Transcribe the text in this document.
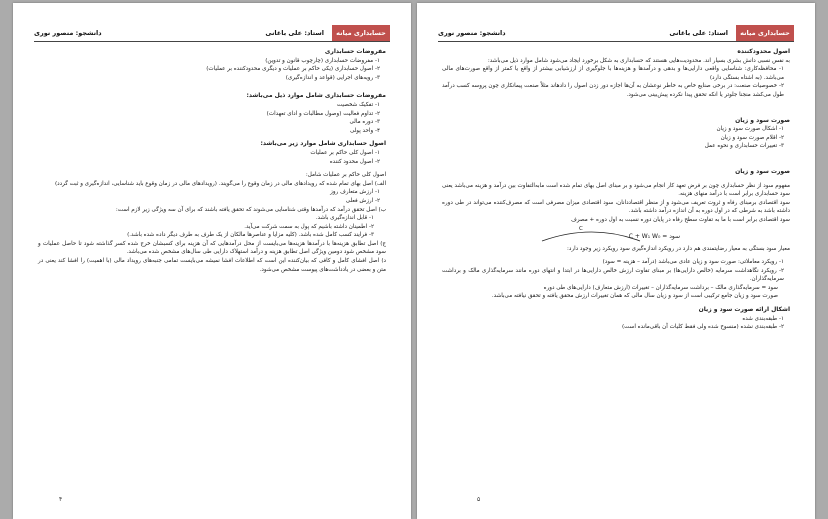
حسابداری میانه
استاد: علی باغانی
دانشجو: منصور نوری
مفروضات حسابداری
۱- مفروضات حسابداری (چارچوب قانون و تدوین)
۲- اصول حسابداری (یکی حاکم بر عملیات و دیگری محدودکننده بر عملیات)
۳- رویه‌های اجرایی (قواعد و اندازه‌گیری)
مفروضات حسابداری شامل موارد ذیل می‌باشد:
۱- تفکیک شخصیت
۲- تداوم فعالیت (وصول مطالبات و ادای تعهدات)
۳- دوره مالی
۴- واحد پولی
اصول حسابداری شامل موارد زیر می‌باشد:
۱- اصول کلی حاکم بر عملیات
۲- اصول محدود کننده
اصول کلی حاکم بر عملیات شامل:
الف) اصل بهای تمام شده که رویدادهای مالی در زمان وقوع را می‌گویند. (رویدادهای مالی در زمان وقوع باید شناسایی، اندازه‌گیری و ثبت گردد)
۱- ارزش متعارف روز
۲- ارزش فعلی
ب) اصل تحقق درآمد که درآمدها وقتی شناسایی می‌شوند که تحقق یافته باشند که برای آن سه ویژگی زیر لازم است:
۱- قابل اندازه‌گیری باشد.
۲- اطمینان داشته باشیم که پول به سمت شرکت می‌آید.
۳- فرایند کسب کامل شده باشد. (کلیه مزایا و عناصرها مالکان از یک طرف به طرف دیگر داده شده باشد.)
ج) اصل تطابق هزینه‌ها با درآمدها هزینه‌ها می‌بایست از محل درآمدهایی که آن هزینه برای کسبشان خرج شده کسر گذاشته شود تا حاصل عملیات و سود مشخص شود دومین ویژگی اصل تطابق هزینه و درآمد استهلاک دارایی طی سال‌های مشخص شده می‌باشد.
د) اصل افشای کامل و کافی که بیان‌کننده این است که اطلاعات افشا نمیشه می‌بایست تمامی جنبه‌های رویداد مالی (با اهمیت) را افشا کند یعنی در متن و بعضی در یادداشت‌های پیوست مشخص می‌شود.
۴
حسابداری میانه
استاد: علی باغانی
دانشجو: منصور نوری
اصول محدودکننده
به نفس نسبی دانش بشری بسیار اند. محدودیت‌هایی هستند که حسابداری به شکل برخورد ایجاد می‌شود شامل موارد ذیل می‌باشد:
۱- محافظه‌کاری: شناسایی واقعی دارایی‌ها و بدهی و درآمدها و هزینه‌ها با جلوگیری از ارزشیابی بیشتر از واقع یا کمتر از واقع صورت‌های مالی می‌باشد. (به اشتاه بستگی دارد)
۲- خصوصیات صنعت: در برخی صنایع خاص به خاطر نوعشان به آن‌ها اجازه دور زدن اصول را دادهاند مثلاً صنعت پیمانکاری چون پروسه کسب درآمد طول می‌کشد منجنا جلوتر یا انکه تحقق پیدا نکرده پیش‌بینی می‌شود.
صورت سود و زیان
۱- اشکال صورت سود و زیان
۲- اقلام صورت سود و زیان
۳- تغییرات حسابداری و نحوه عمل
صورت سود و زیان
مفهوم سود از نظر حسابداری چون بر فرض تعهد کار انجام می‌شود و بر مبنای اصل بهای تمام شده است مابه‌التفاوت بین درآمد و هزینه می‌باشد یعنی سود حسابداری برابر است با درآمد منهای هزینه.
سود اقتصادی برمبنای رفاه و ثروت تعریف می‌شود و از منظر اقتصاددانان، سود اقتصادی میزان مصرفی است که مصرف‌کننده می‌تواند در طی دوره داشته باشد به شرطی که در اول دوره به آن اندازه درآمد داشته باشد.
سود اقتصادی برابر است با ما به تفاوت سطح رفاه در پایان دوره نسبت به اول دوره + مصرف
C
سود = C + W₁ W₀
معیار سود بستگی به معیار رضایتمندی هم دارد در رویکرد اندازه‌گیری سود رویکرد زیر وجود دارد:
۱- رویکرد معاملاتی: صورت سود و زیان عادی می‌باشد (درآمد – هزینه = سود)
۲- رویکرد نگاهداشت سرمایه (خالص دارایی‌ها) بر مبنای تفاوت ارزش خالص دارایی‌ها در ابتدا و انتهای دوره مانند سرمایه‌گذاری مالک و برداشت سرمایه‌گذاران.
سود = سرمایه‌گذاری مالک – برداشت سرمایه‌گذاران – تغییرات (ارزش متعارف) دارایی‌های طی دوره
صورت سود و زیان جامع ترکیبی است از سود و زیان سال مالی که همان تغییرات ارزش محقق یافته و تحقق نیافته می‌باشد.
اشکال ارائه صورت سود و زیان
۱- طبقه‌بندی شده
۲- طبقه‌بندی نشده (منسوخ شده ولی فقط کلیات آن باقی‌مانده است)
۵
